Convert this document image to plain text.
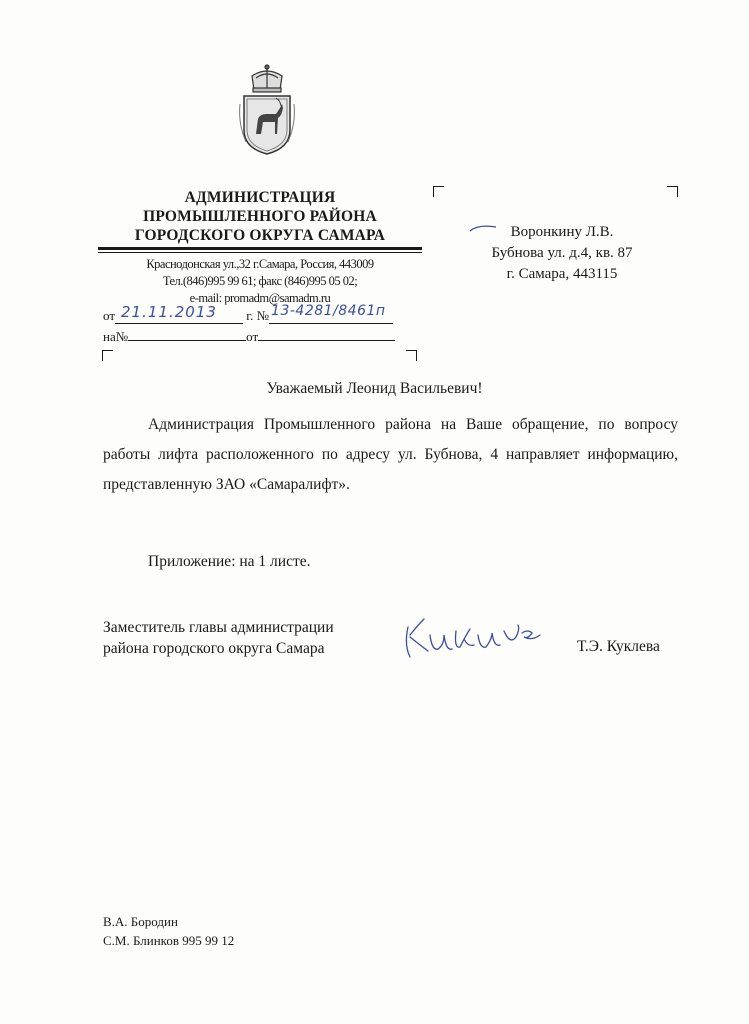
АДМИНИСТРАЦИЯ
ПРОМЫШЛЕННОГО РАЙОНА
ГОРОДСКОГО ОКРУГА САМАРА
Краснодонская ул.,32 г.Самара, Россия, 443009
Тел.(846)995 99 61; факс (846)995 05 02;
e-mail: promadm@samadm.ru
от 21.11.2013 г. № 13-4281/8461п
на№	от
Воронкину Л.В.
Бубнова ул. д.4, кв. 87
г. Самара, 443115
Уважаемый Леонид Васильевич!

Администрация Промышленного района на Ваше обращение, по вопросу работы лифта расположенного по адресу ул. Бубнова, 4 направляет информацию, представленную ЗАО «Самаралифт».

Приложение: на 1 листе.
Заместитель главы администрации
района городского округа Самара	Т.Э. Куклева
В.А. Бородин
С.М. Блинков 995 99 12
